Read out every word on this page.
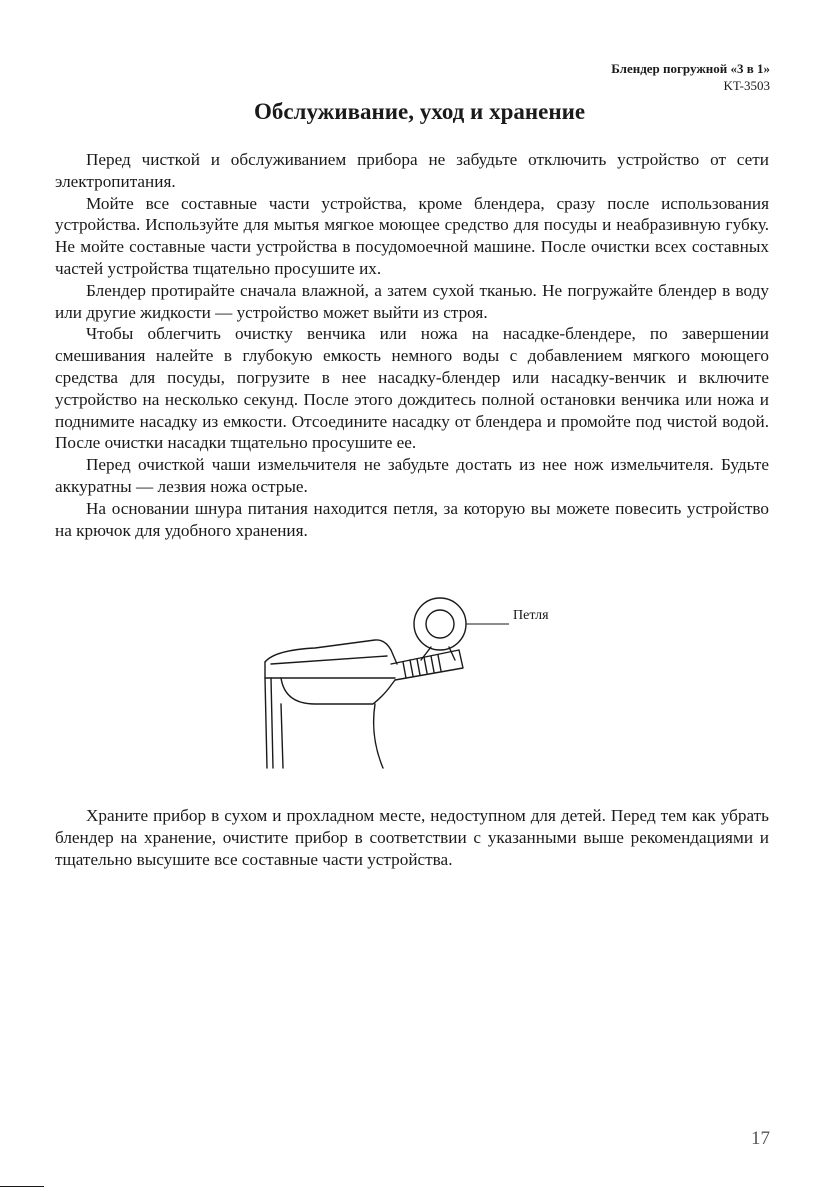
Блендер погружной «3 в 1»
KT-3503
Обслуживание, уход и хранение

Перед чисткой и обслуживанием прибора не забудьте отключить устройство от сети электропитания.

Мойте все составные части устройства, кроме блендера, сразу после использования устройства. Используйте для мытья мягкое моющее средство для посуды и неабразивную губку. Не мойте составные части устройства в посудомоечной машине. После очистки всех составных частей устройства тщательно просушите их.

Блендер протирайте сначала влажной, а затем сухой тканью. Не погружайте блендер в воду или другие жидкости — устройство может выйти из строя.

Чтобы облегчить очистку венчика или ножа на насадке-блендере, по завершении смешивания налейте в глубокую емкость немного воды с добавлением мягкого моющего средства для посуды, погрузите в нее насадку-блендер или насадку-венчик и включите устройство на несколько секунд. После этого дождитесь полной остановки венчика или ножа и поднимите насадку из емкости. Отсоедините насадку от блендера и промойте под чистой водой. После очистки насадки тщательно просушите ее.

Перед очисткой чаши измельчителя не забудьте достать из нее нож измельчителя. Будьте аккуратны — лезвия ножа острые.

На основании шнура питания находится петля, за которую вы можете повесить устройство на крючок для удобного хранения.

Петля

Храните прибор в сухом и прохладном месте, недоступном для детей. Перед тем как убрать блендер на хранение, очистите прибор в соответствии с указанными выше рекомендациями и тщательно высушите все составные части устройства.

17
